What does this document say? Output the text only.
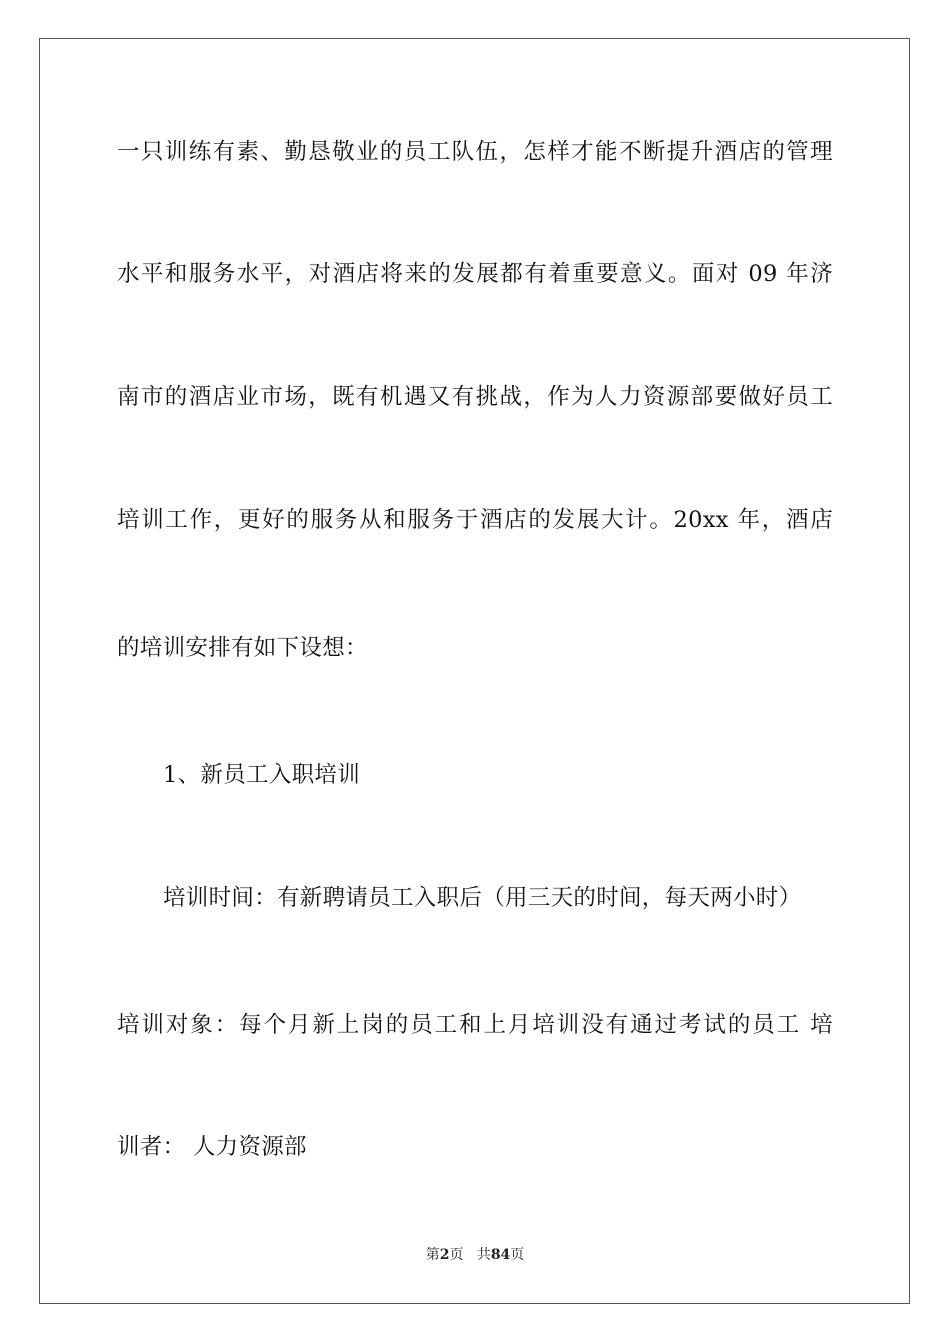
一只训练有素、勤恳敬业的员工队伍，怎样才能不断提升酒店的管理
水平和服务水平，对酒店将来的发展都有着重要意义。面对 09 年济
南市的酒店业市场，既有机遇又有挑战，作为人力资源部要做好员工
培训工作，更好的服务从和服务于酒店的发展大计。20xx 年，酒店
的培训安排有如下设想：
1、新员工入职培训
培训时间：有新聘请员工入职后（用三天的时间，每天两小时）
培训对象：每个月新上岗的员工和上月培训没有通过考试的员工 培
训者： 人力资源部
第2页 共84页
